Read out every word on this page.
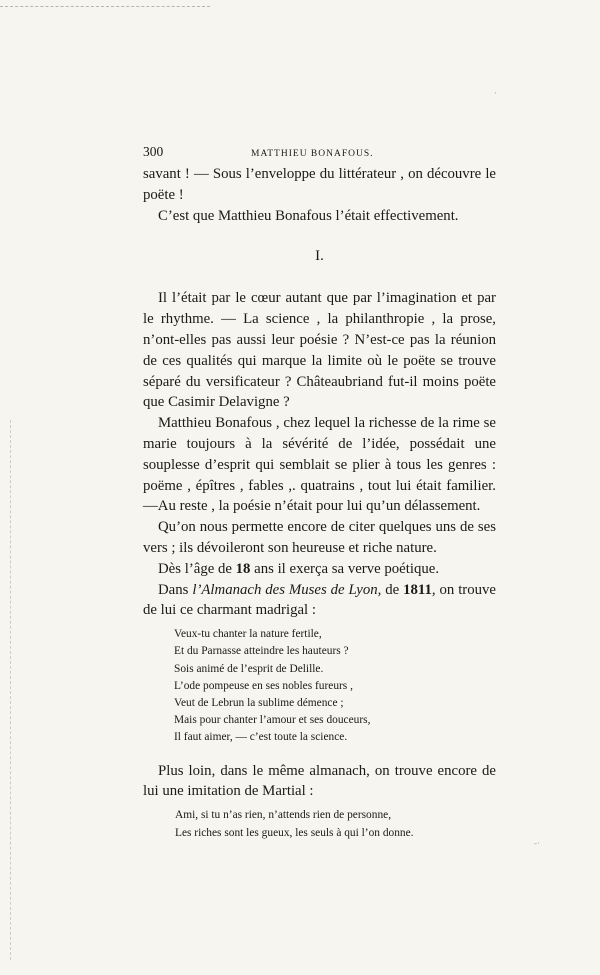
·
-·
300	MATTHIEU BONAFOUS.

savant ! — Sous l’enveloppe du littérateur , on découvre le poëte !

C’est que Matthieu Bonafous l’était effectivement.

I.

Il l’était par le cœur autant que par l’imagination et par le rhythme. — La science , la philanthropie , la prose, n’ont-elles pas aussi leur poésie ? N’est-ce pas la réunion de ces qualités qui marque la limite où le poëte se trouve séparé du versificateur ? Châteaubriand fut-il moins poëte que Casimir Delavigne ?

Matthieu Bonafous , chez lequel la richesse de la rime se marie toujours à la sévérité de l’idée, possédait une souplesse d’esprit qui semblait se plier à tous les genres : poëme , épîtres , fables ,. quatrains , tout lui était familier. —Au reste , la poésie n’était pour lui qu’un délassement.

Qu’on nous permette encore de citer quelques uns de ses vers ; ils dévoileront son heureuse et riche nature.

Dès l’âge de 18 ans il exerça sa verve poétique.

Dans l’Almanach des Muses de Lyon, de 1811, on trouve de lui ce charmant madrigal :

Veux-tu chanter la nature fertile,
Et du Parnasse atteindre les hauteurs ?
Sois animé de l’esprit de Delille.
L’ode pompeuse en ses nobles fureurs ,
Veut de Lebrun la sublime démence ;
Mais pour chanter l’amour et ses douceurs,
Il faut aimer, — c’est toute la science.

Plus loin, dans le même almanach, on trouve encore de lui une imitation de Martial :

Ami, si tu n’as rien, n’attends rien de personne,
Les riches sont les gueux, les seuls à qui l’on donne.
